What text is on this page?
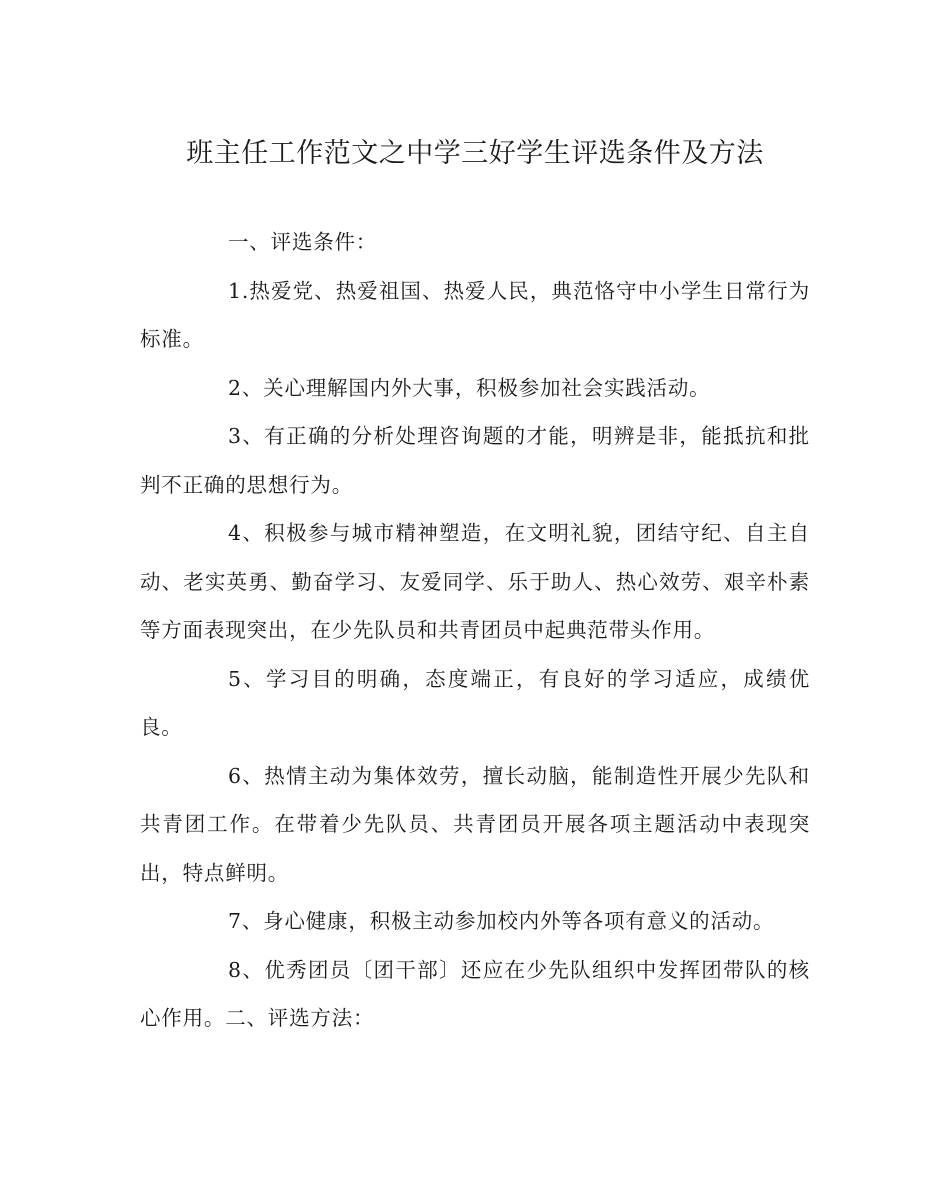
班主任工作范文之中学三好学生评选条件及方法

一、评选条件：

1.热爱党、热爱祖国、热爱人民，典范恪守中小学生日常行为标准。

2、关心理解国内外大事，积极参加社会实践活动。

3、有正确的分析处理咨询题的才能，明辨是非，能抵抗和批判不正确的思想行为。

4、积极参与城市精神塑造，在文明礼貌，团结守纪、自主自动、老实英勇、勤奋学习、友爱同学、乐于助人、热心效劳、艰辛朴素等方面表现突出，在少先队员和共青团员中起典范带头作用。

5、学习目的明确，态度端正，有良好的学习适应，成绩优良。

6、热情主动为集体效劳，擅长动脑，能制造性开展少先队和共青团工作。在带着少先队员、共青团员开展各项主题活动中表现突出，特点鲜明。

7、身心健康，积极主动参加校内外等各项有意义的活动。

8、优秀团员〔团干部〕还应在少先队组织中发挥团带队的核心作用。二、评选方法：
